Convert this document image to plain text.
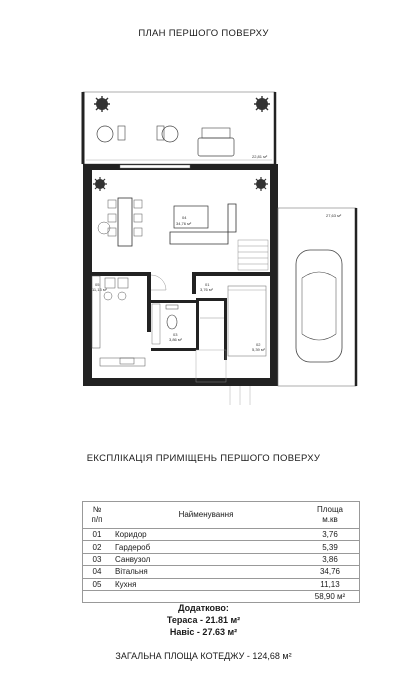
ПЛАН ПЕРШОГО ПОВЕРХУ
22,81 м²
04
34,76 м²
05
11,13 м²
01
3,76 м²
03
3,86 м²
02
5,39 м²
27,63 м²
ЕКСПЛІКАЦІЯ ПРИМІЩЕНЬ ПЕРШОГО ПОВЕРХУ
№
п/п	Найменування	Площа
м.кв
01	Коридор	3,76
02	Гардероб	5,39
03	Санвузол	3,86
04	Вітальня	34,76
05	Кухня	11,13
		58,90 м²
Додатково:
Тераса - 21.81 м²
Навіс - 27.63 м²
ЗАГАЛЬНА ПЛОЩА КОТЕДЖУ - 124,68 м²
